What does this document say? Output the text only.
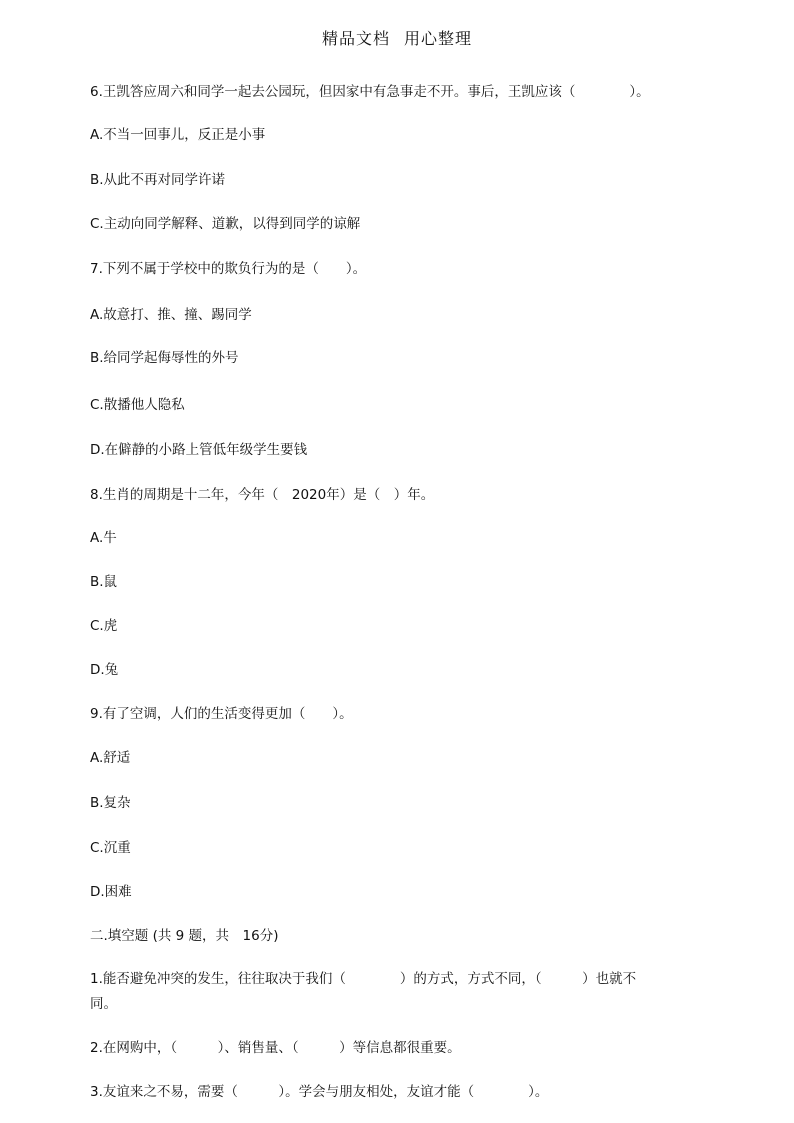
精品文档 用心整理
6.王凯答应周六和同学一起去公园玩，但因家中有急事走不开。事后，王凯应该（　　　　）。
A.不当一回事儿，反正是小事
B.从此不再对同学许诺
C.主动向同学解释、道歉，以得到同学的谅解
7.下列不属于学校中的欺负行为的是（　　）。
A.故意打、推、撞、踢同学
B.给同学起侮辱性的外号
C.散播他人隐私
D.在僻静的小路上管低年级学生要钱
8.生肖的周期是十二年，今年（　2020年）是（　）年。
A.牛
B.鼠
C.虎
D.兔
9.有了空调，人们的生活变得更加（　　）。
A.舒适
B.复杂
C.沉重
D.困难
二.填空题 (共 9 题，共　16分)
1.能否避免冲突的发生，往往取决于我们（　　　　）的方式，方式不同，（　　　）也就不
同。
2.在网购中，（　　　）、销售量、（　　　）等信息都很重要。
3.友谊来之不易，需要（　　　）。学会与朋友相处，友谊才能（　　　　）。
